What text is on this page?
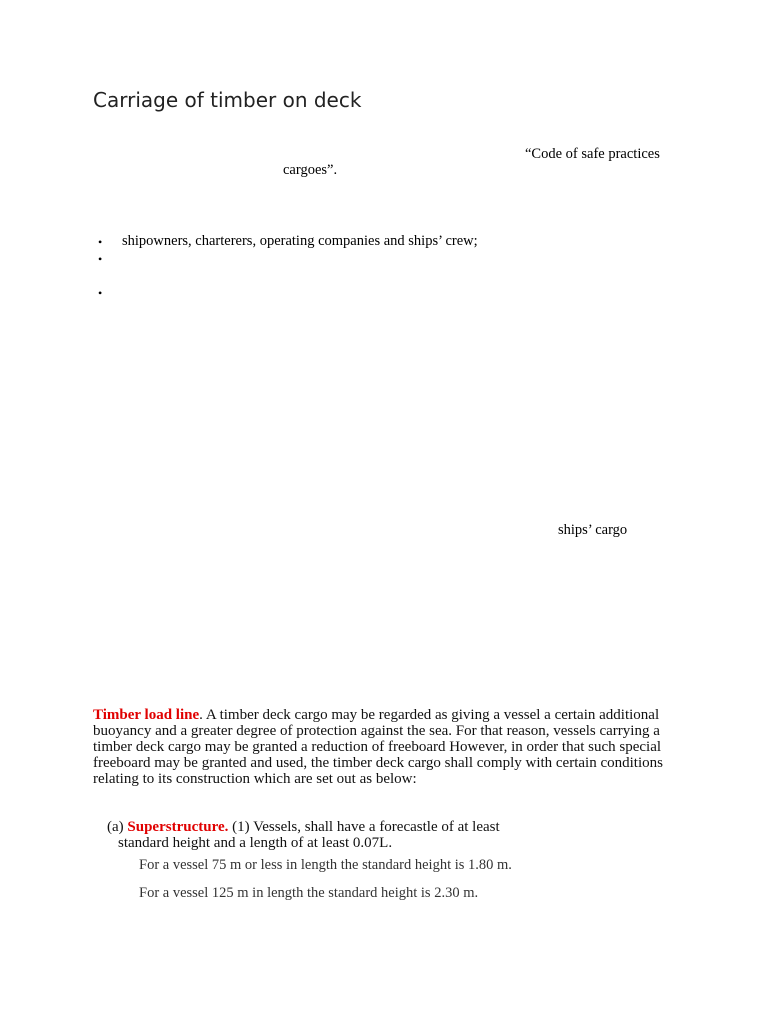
Carriage of timber on deck
“Code of safe practices
cargoes”.
• shipowners, charterers, operating companies and ships’ crew;
•
•
ships’ cargo
Timber load line. A timber deck cargo may be regarded as giving a vessel a certain additional buoyancy and a greater degree of protection against the sea. For that reason, vessels carrying a timber deck cargo may be granted a reduction of freeboard However, in order that such special freeboard may be granted and used, the timber deck cargo shall comply with certain conditions relating to its construction which are set out as below:
(a) Superstructure. (1) Vessels, shall have a forecastle of at least
standard height and a length of at least 0.07L.
For a vessel 75 m or less in length the standard height is 1.80 m.
For a vessel 125 m in length the standard height is 2.30 m.
